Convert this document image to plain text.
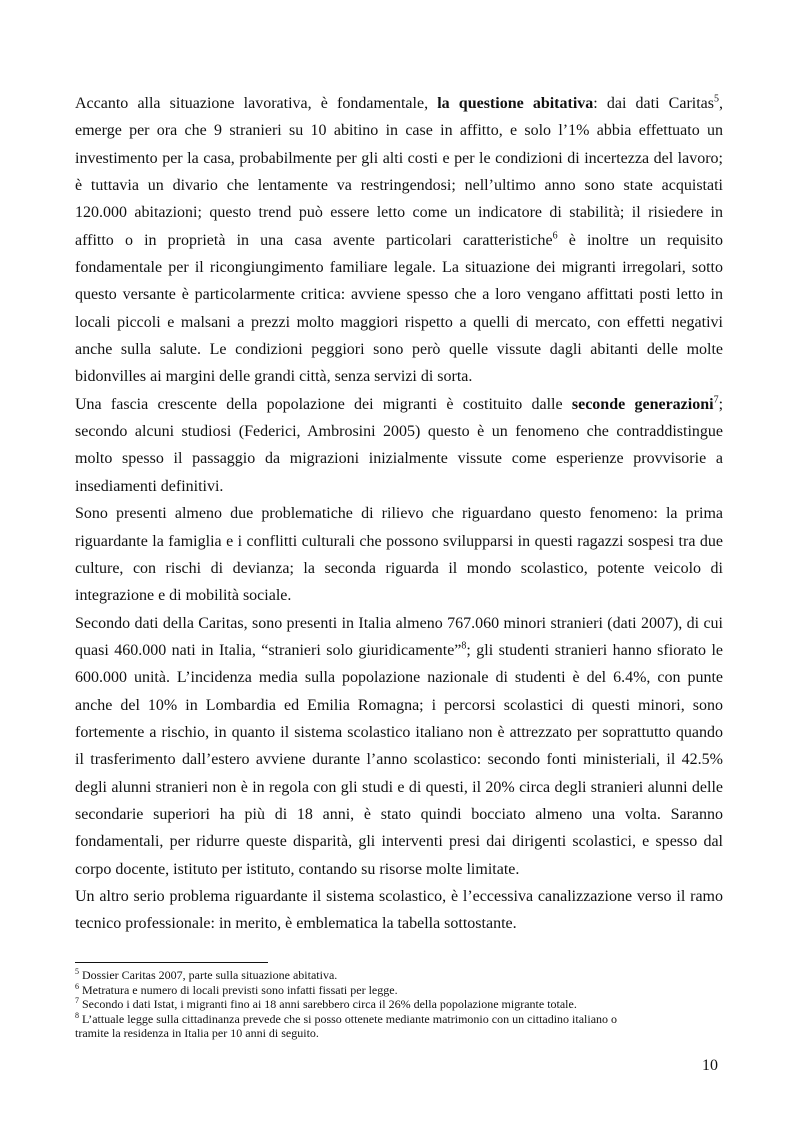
Accanto alla situazione lavorativa, è fondamentale, la questione abitativa: dai dati Caritas$^5$,
emerge per ora che 9 stranieri su 10 abitino in case in affitto, e solo l’1% abbia effettuato un
investimento per la casa, probabilmente per gli alti costi e per le condizioni di incertezza del lavoro;
è tuttavia un divario che lentamente va restringendosi; nell’ultimo anno sono state acquistati
120.000 abitazioni; questo trend può essere letto come un indicatore di stabilità; il risiedere in
affitto o in proprietà in una casa avente particolari caratteristiche$^6$ è inoltre un requisito
fondamentale per il ricongiungimento familiare legale. La situazione dei migranti irregolari, sotto
questo versante è particolarmente critica: avviene spesso che a loro vengano affittati posti letto in
locali piccoli e malsani a prezzi molto maggiori rispetto a quelli di mercato, con effetti negativi
anche sulla salute. Le condizioni peggiori sono però quelle vissute dagli abitanti delle molte
bidonvilles ai margini delle grandi città, senza servizi di sorta.

Una fascia crescente della popolazione dei migranti è costituito dalle seconde generazioni$^7$;
secondo alcuni studiosi (Federici, Ambrosini 2005) questo è un fenomeno che contraddistingue
molto spesso il passaggio da migrazioni inizialmente vissute come esperienze provvisorie a
insediamenti definitivi.

Sono presenti almeno due problematiche di rilievo che riguardano questo fenomeno: la prima
riguardante la famiglia e i conflitti culturali che possono svilupparsi in questi ragazzi sospesi tra due
culture, con rischi di devianza; la seconda riguarda il mondo scolastico, potente veicolo di
integrazione e di mobilità sociale.

Secondo dati della Caritas, sono presenti in Italia almeno 767.060 minori stranieri (dati 2007), di cui
quasi 460.000 nati in Italia, “stranieri solo giuridicamente”$^8$; gli studenti stranieri hanno sfiorato le
600.000 unità. L’incidenza media sulla popolazione nazionale di studenti è del 6.4%, con punte
anche del 10% in Lombardia ed Emilia Romagna; i percorsi scolastici di questi minori, sono
fortemente a rischio, in quanto il sistema scolastico italiano non è attrezzato per soprattutto quando
il trasferimento dall’estero avviene durante l’anno scolastico: secondo fonti ministeriali, il 42.5%
degli alunni stranieri non è in regola con gli studi e di questi, il 20% circa degli stranieri alunni delle
secondarie superiori ha più di 18 anni, è stato quindi bocciato almeno una volta. Saranno
fondamentali, per ridurre queste disparità, gli interventi presi dai dirigenti scolastici, e spesso dal
corpo docente, istituto per istituto, contando su risorse molte limitate.

Un altro serio problema riguardante il sistema scolastico, è l’eccessiva canalizzazione verso il ramo
tecnico professionale: in merito, è emblematica la tabella sottostante.

$^5$ Dossier Caritas 2007, parte sulla situazione abitativa.

$^6$ Metratura e numero di locali previsti sono infatti fissati per legge.

$^7$ Secondo i dati Istat, i migranti fino ai 18 anni sarebbero circa il 26% della popolazione migrante totale.

$^8$ L’attuale legge sulla cittadinanza prevede che si posso ottenete mediante matrimonio con un cittadino italiano o
tramite la residenza in Italia per 10 anni di seguito.

10
